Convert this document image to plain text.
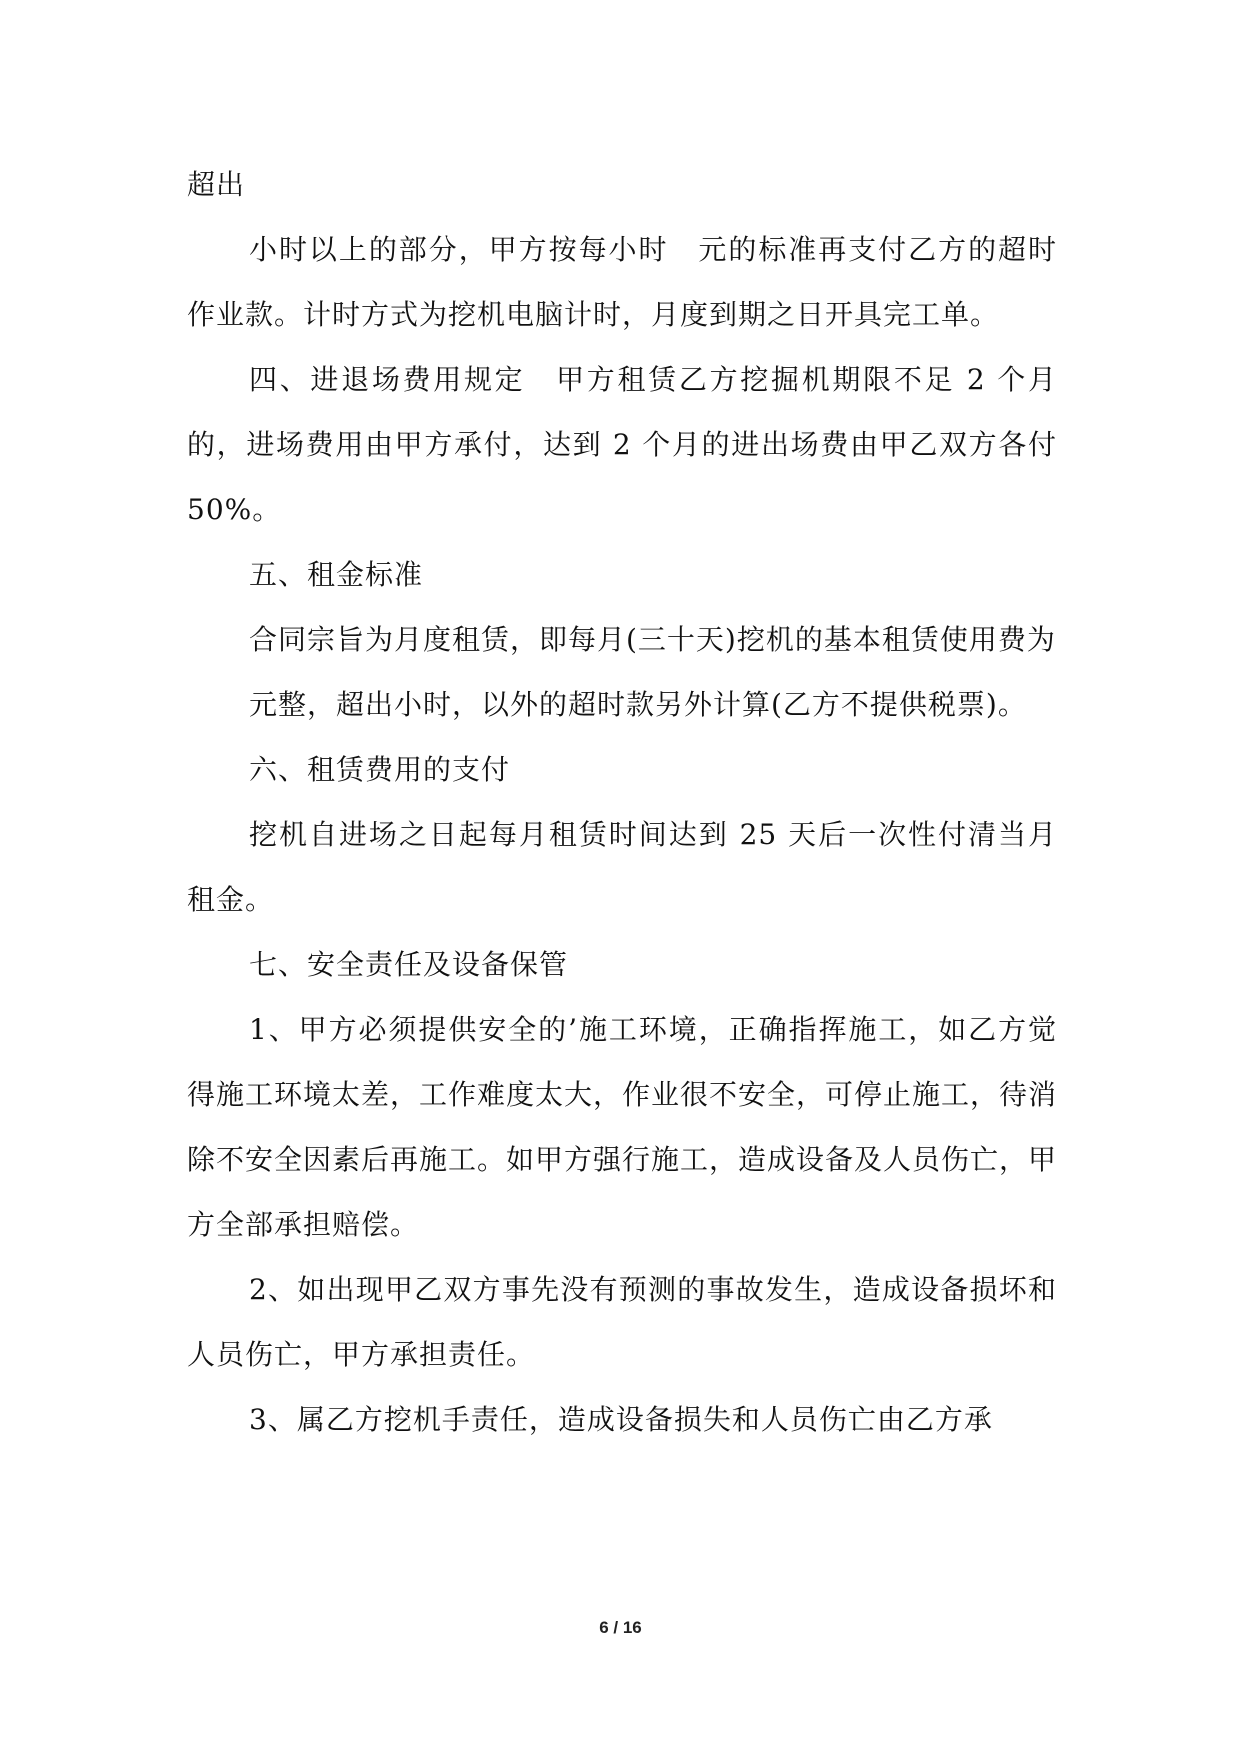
超出

小时以上的部分，甲方按每小时　元的标准再支付乙方的超时作业款。计时方式为挖机电脑计时，月度到期之日开具完工单。

四、进退场费用规定　甲方租赁乙方挖掘机期限不足 2 个月的，进场费用由甲方承付，达到 2 个月的进出场费由甲乙双方各付 50%。

五、租金标准

合同宗旨为月度租赁，即每月(三十天)挖机的基本租赁使用费为

元整，超出小时，以外的超时款另外计算(乙方不提供税票)。

六、租赁费用的支付

挖机自进场之日起每月租赁时间达到 25 天后一次性付清当月租金。

七、安全责任及设备保管

1、甲方必须提供安全的’施工环境，正确指挥施工，如乙方觉得施工环境太差，工作难度太大，作业很不安全，可停止施工，待消除不安全因素后再施工。如甲方强行施工，造成设备及人员伤亡，甲方全部承担赔偿。

2、如出现甲乙双方事先没有预测的事故发生，造成设备损坏和人员伤亡，甲方承担责任。

3、属乙方挖机手责任，造成设备损失和人员伤亡由乙方承

6 / 16
